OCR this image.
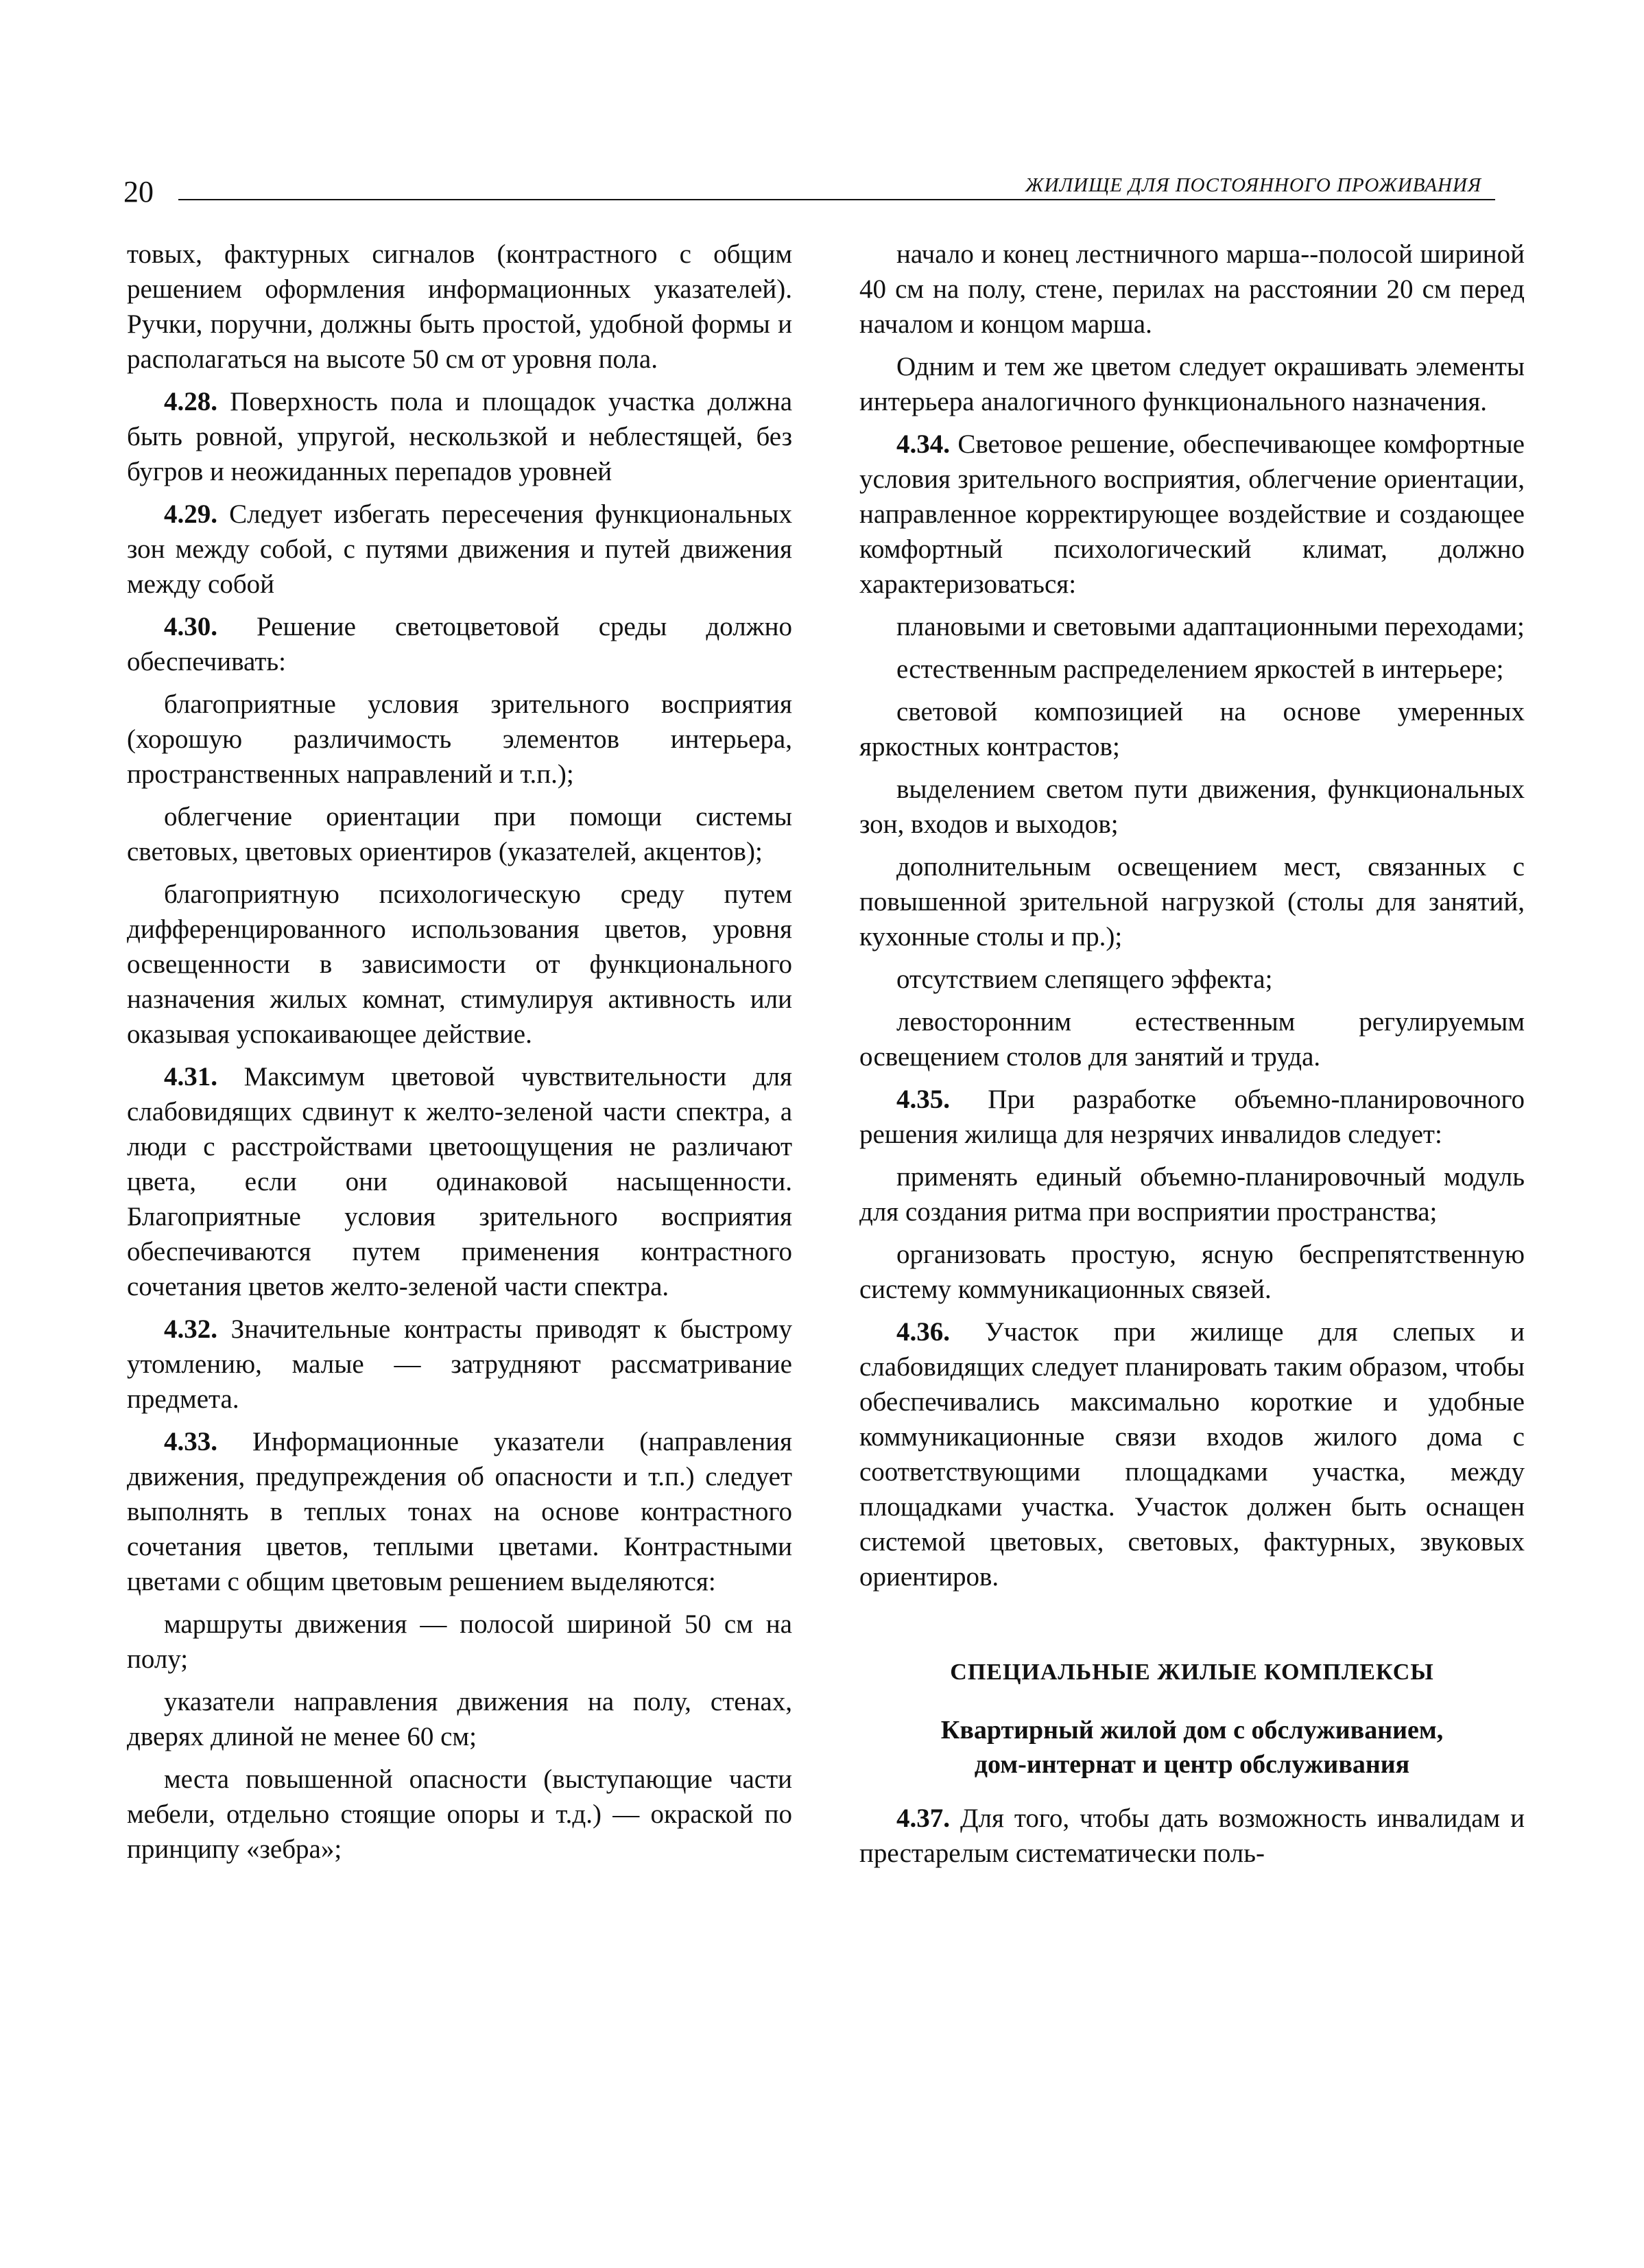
20	ЖИЛИЩЕ ДЛЯ ПОСТОЯННОГО ПРОЖИВАНИЯ

товых, фактурных сигналов (контрастного с общим решением оформления информационных указателей). Ручки, поручни, должны быть простой, удобной формы и располагаться на высоте 50 см от уровня пола.

4.28. Поверхность пола и площадок участка должна быть ровной, упругой, нескользкой и неблестящей, без бугров и неожиданных перепадов уровней

4.29. Следует избегать пересечения функциональных зон между собой, с путями движения и путей движения между собой

4.30. Решение светоцветовой среды должно обеспечивать:

благоприятные условия зрительного восприятия (хорошую различимость элементов интерьера, пространственных направлений и т.п.);

облегчение ориентации при помощи системы световых, цветовых ориентиров (указателей, акцентов);

благоприятную психологическую среду путем дифференцированного использования цветов, уровня освещенности в зависимости от функционального назначения жилых комнат, стимулируя активность или оказывая успокаивающее действие.

4.31. Максимум цветовой чувствительности для слабовидящих сдвинут к желто-зеленой части спектра, а люди с расстройствами цветоощущения не различают цвета, если они одинаковой насыщенности. Благоприятные условия зрительного восприятия обеспечиваются путем применения контрастного сочетания цветов желто-зеленой части спектра.

4.32. Значительные контрасты приводят к быстрому утомлению, малые — затрудняют рассматривание предмета.

4.33. Информационные указатели (направления движения, предупреждения об опасности и т.п.) следует выполнять в теплых тонах на основе контрастного сочетания цветов, теплыми цветами. Контрастными цветами с общим цветовым решением выделяются:

маршруты движения — полосой шириной 50 см на полу;

указатели направления движения на полу, стенах, дверях длиной не менее 60 см;

места повышенной опасности (выступающие части мебели, отдельно стоящие опоры и т.д.) — окраской по принципу «зебра»;

начало и конец лестничного марша--полосой шириной 40 см на полу, стене, перилах на расстоянии 20 см перед началом и концом марша.

Одним и тем же цветом следует окрашивать элементы интерьера аналогичного функционального назначения.

4.34. Световое решение, обеспечивающее комфортные условия зрительного восприятия, облегчение ориентации, направленное корректирующее воздействие и создающее комфортный психологический климат, должно характеризоваться:

плановыми и световыми адаптационными переходами;

естественным распределением яркостей в интерьере;

световой композицией на основе умеренных яркостных контрастов;

выделением светом пути движения, функциональных зон, входов и выходов;

дополнительным освещением мест, связанных с повышенной зрительной нагрузкой (столы для занятий, кухонные столы и пр.);

отсутствием слепящего эффекта;

левосторонним естественным регулируемым освещением столов для занятий и труда.

4.35. При разработке объемно-планировочного решения жилища для незрячих инвалидов следует:

применять единый объемно-планировочный модуль для создания ритма при восприятии пространства;

организовать простую, ясную беспрепятственную систему коммуникационных связей.

4.36. Участок при жилище для слепых и слабовидящих следует планировать таким образом, чтобы обеспечивались максимально короткие и удобные коммуникационные связи входов жилого дома с соответствующими площадками участка, между площадками участка. Участок должен быть оснащен системой цветовых, световых, фактурных, звуковых ориентиров.

СПЕЦИАЛЬНЫЕ ЖИЛЫЕ КОМПЛЕКСЫ
Квартирный жилой дом с обслуживанием,
дом-интернат и центр обслуживания

4.37. Для того, чтобы дать возможность инвалидам и престарелым систематически поль-
